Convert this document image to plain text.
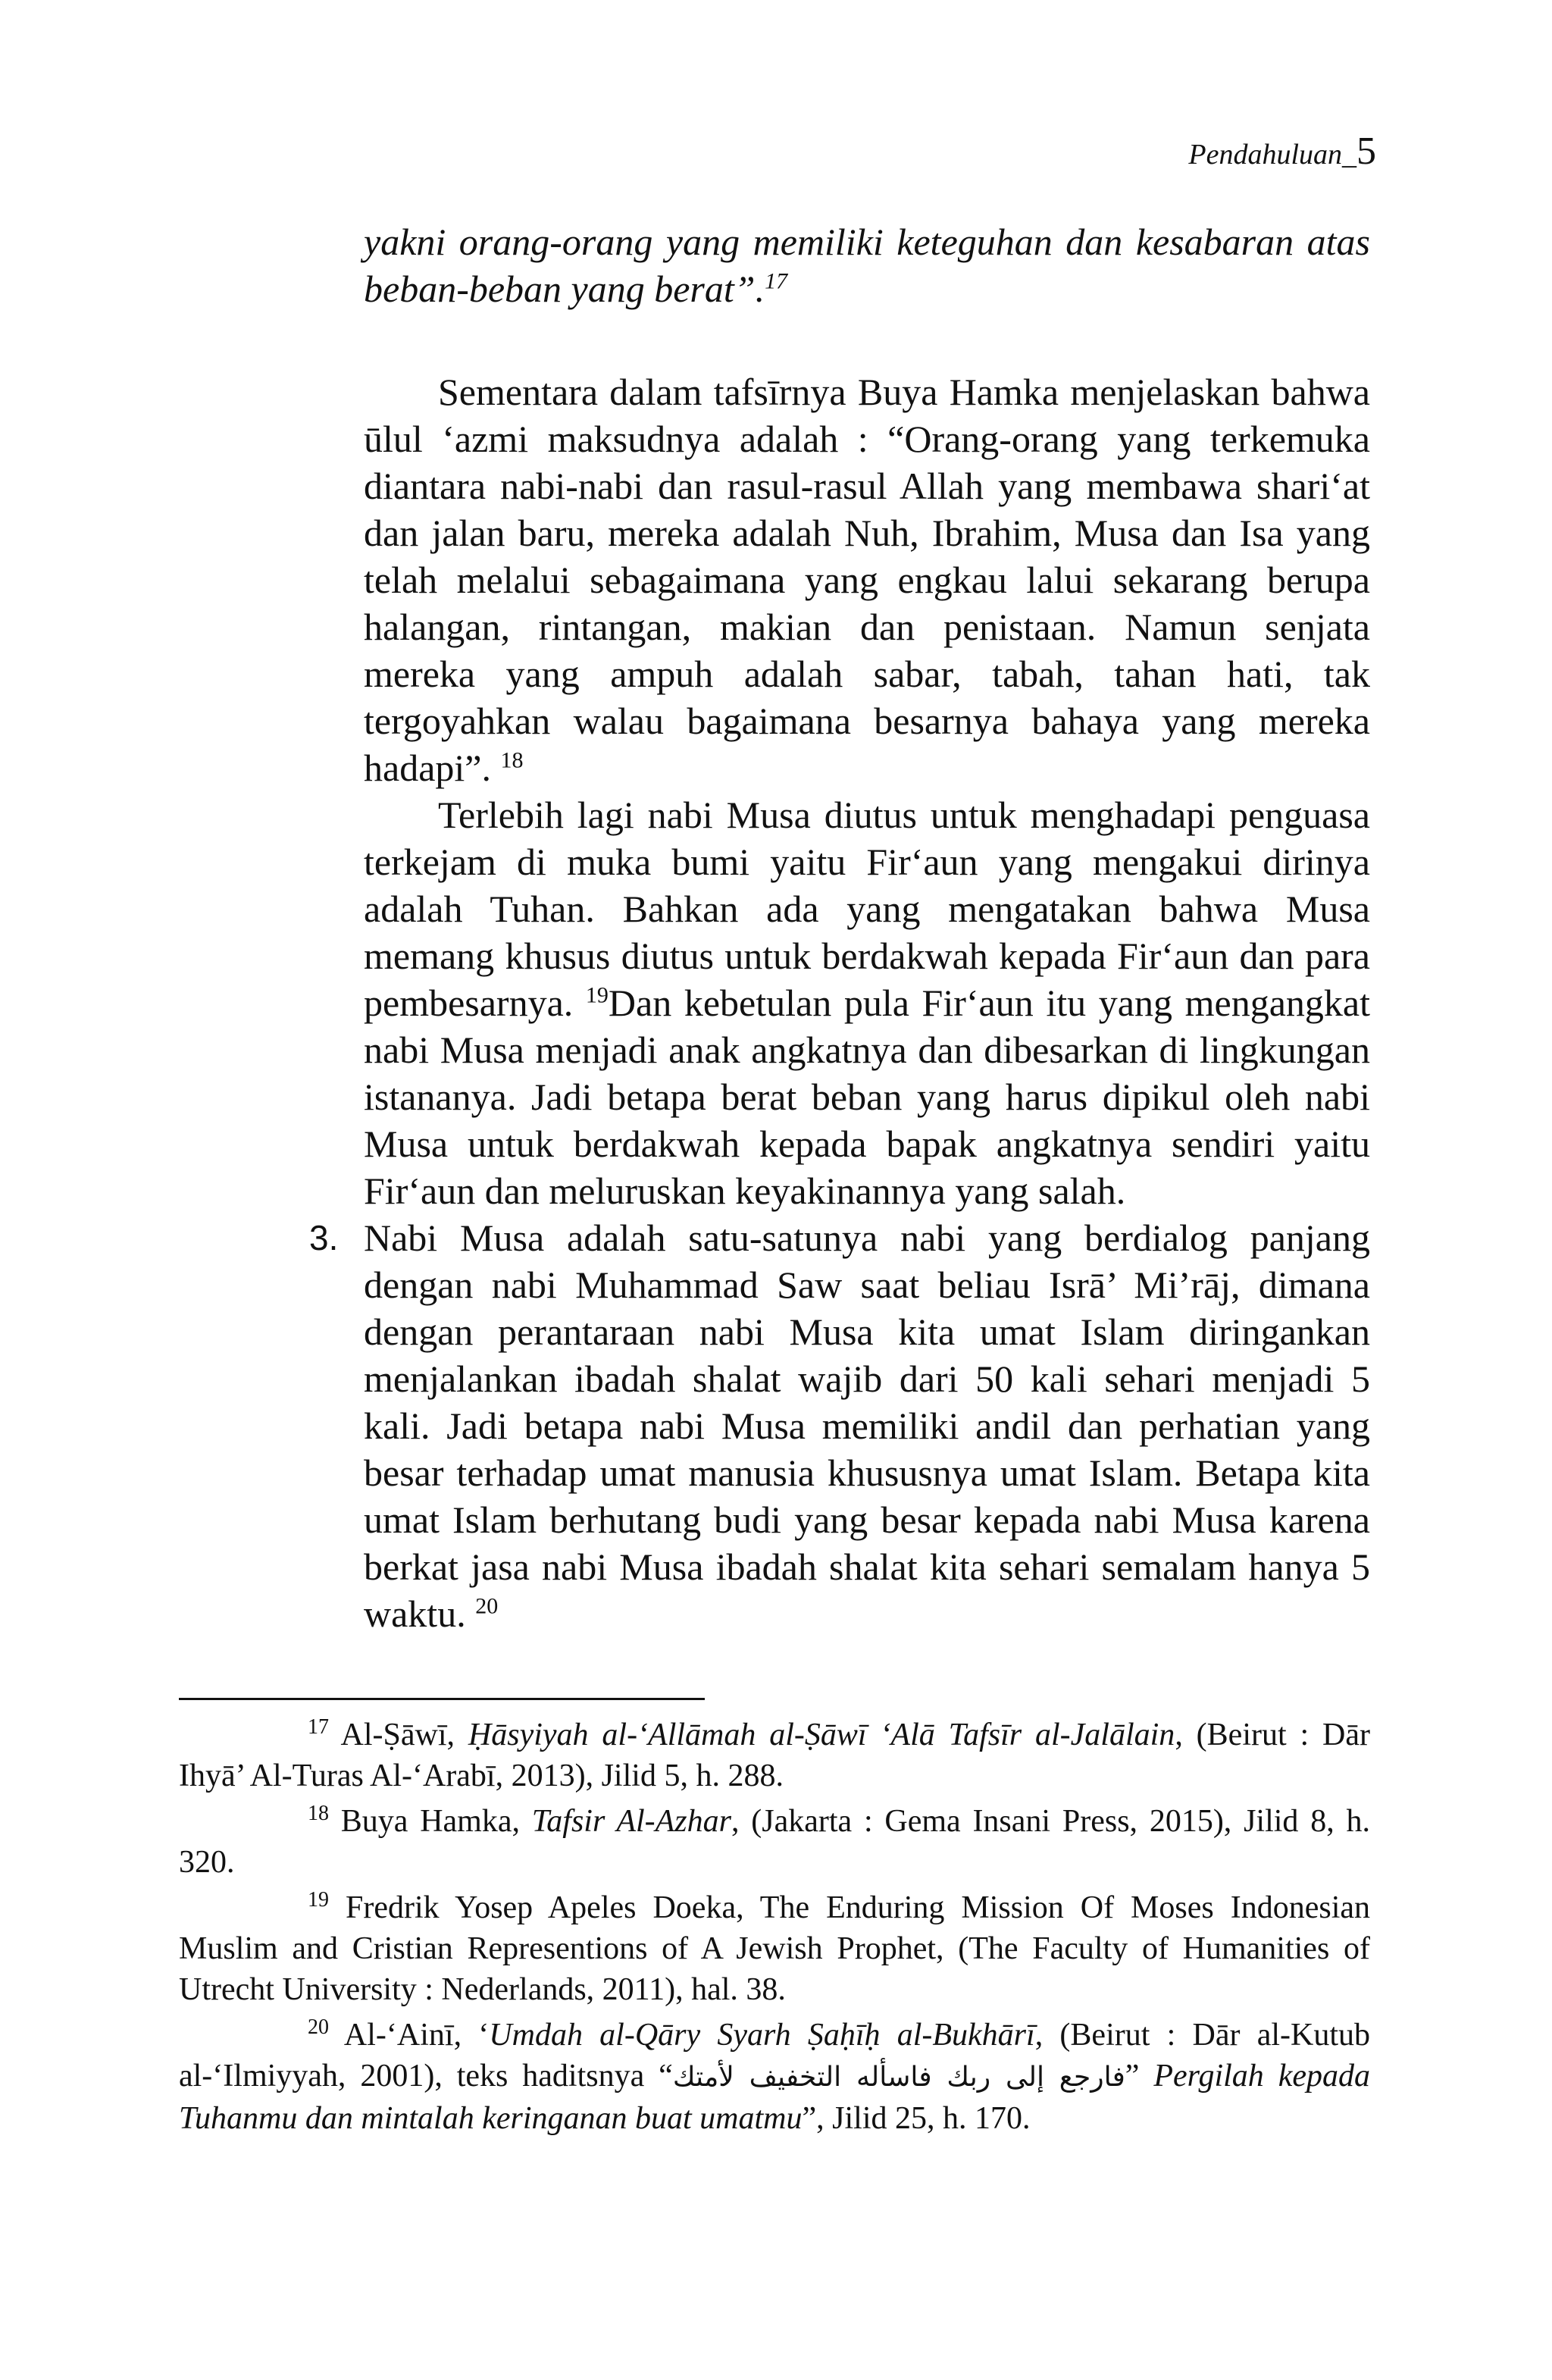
Pendahuluan_5

yakni orang-orang yang memiliki keteguhan dan kesabaran atas beban-beban yang berat”.$^{17}$

Sementara dalam tafsīrnya Buya Hamka menjelaskan bahwa ūlul ‘azmi maksudnya adalah : “Orang-orang yang terkemuka diantara nabi-nabi dan rasul-rasul Allah yang membawa shari‘at dan jalan baru, mereka adalah Nuh, Ibrahim, Musa dan Isa yang telah melalui sebagaimana yang engkau lalui sekarang berupa halangan, rintangan, makian dan penistaan. Namun senjata mereka yang ampuh adalah sabar, tabah, tahan hati, tak tergoyahkan walau bagaimana besarnya bahaya yang mereka hadapi”. $^{18}$

Terlebih lagi nabi Musa diutus untuk menghadapi penguasa terkejam di muka bumi yaitu Fir‘aun yang mengakui dirinya adalah Tuhan. Bahkan ada yang mengatakan bahwa Musa memang khusus diutus untuk berdakwah kepada Fir‘aun dan para pembesarnya. $^{19}$Dan kebetulan pula Fir‘aun itu yang mengangkat nabi Musa menjadi anak angkatnya dan dibesarkan di lingkungan istananya. Jadi betapa berat beban yang harus dipikul oleh nabi Musa untuk berdakwah kepada bapak angkatnya sendiri yaitu Fir‘aun dan meluruskan keyakinannya yang salah.

3. Nabi Musa adalah satu-satunya nabi yang berdialog panjang dengan nabi Muhammad Saw saat beliau Isrā’ Mi’rāj, dimana dengan perantaraan nabi Musa kita umat Islam diringankan menjalankan ibadah shalat wajib dari 50 kali sehari menjadi 5 kali. Jadi betapa nabi Musa memiliki andil dan perhatian yang besar terhadap umat manusia khususnya umat Islam. Betapa kita umat Islam berhutang budi yang besar kepada nabi Musa karena berkat jasa nabi Musa ibadah shalat kita sehari semalam hanya 5 waktu. $^{20}$

$^{17}$ Al-Ṣāwī, Ḥāsyiyah al-‘Allāmah al-Ṣāwī ‘Alā Tafsīr al-Jalālain, (Beirut : Dār Ihyā’ Al-Turas Al-‘Arabī, 2013), Jilid 5, h. 288.

$^{18}$ Buya Hamka, Tafsir Al-Azhar, (Jakarta : Gema Insani Press, 2015), Jilid 8, h. 320.

$^{19}$ Fredrik Yosep Apeles Doeka, The Enduring Mission Of Moses Indonesian Muslim and Cristian Representions of A Jewish Prophet, (The Faculty of Humanities of Utrecht University : Nederlands, 2011), hal. 38.

$^{20}$ Al-‘Ainī, ‘Umdah al-Qāry Syarh Ṣaḥīḥ al-Bukhārī, (Beirut : Dār al-Kutub al-‘Ilmiyyah, 2001), teks haditsnya “فارجع إلى ربك فاسأله التخفيف لأمتك” Pergilah kepada Tuhanmu dan mintalah keringanan buat umatmu”, Jilid 25, h. 170.
